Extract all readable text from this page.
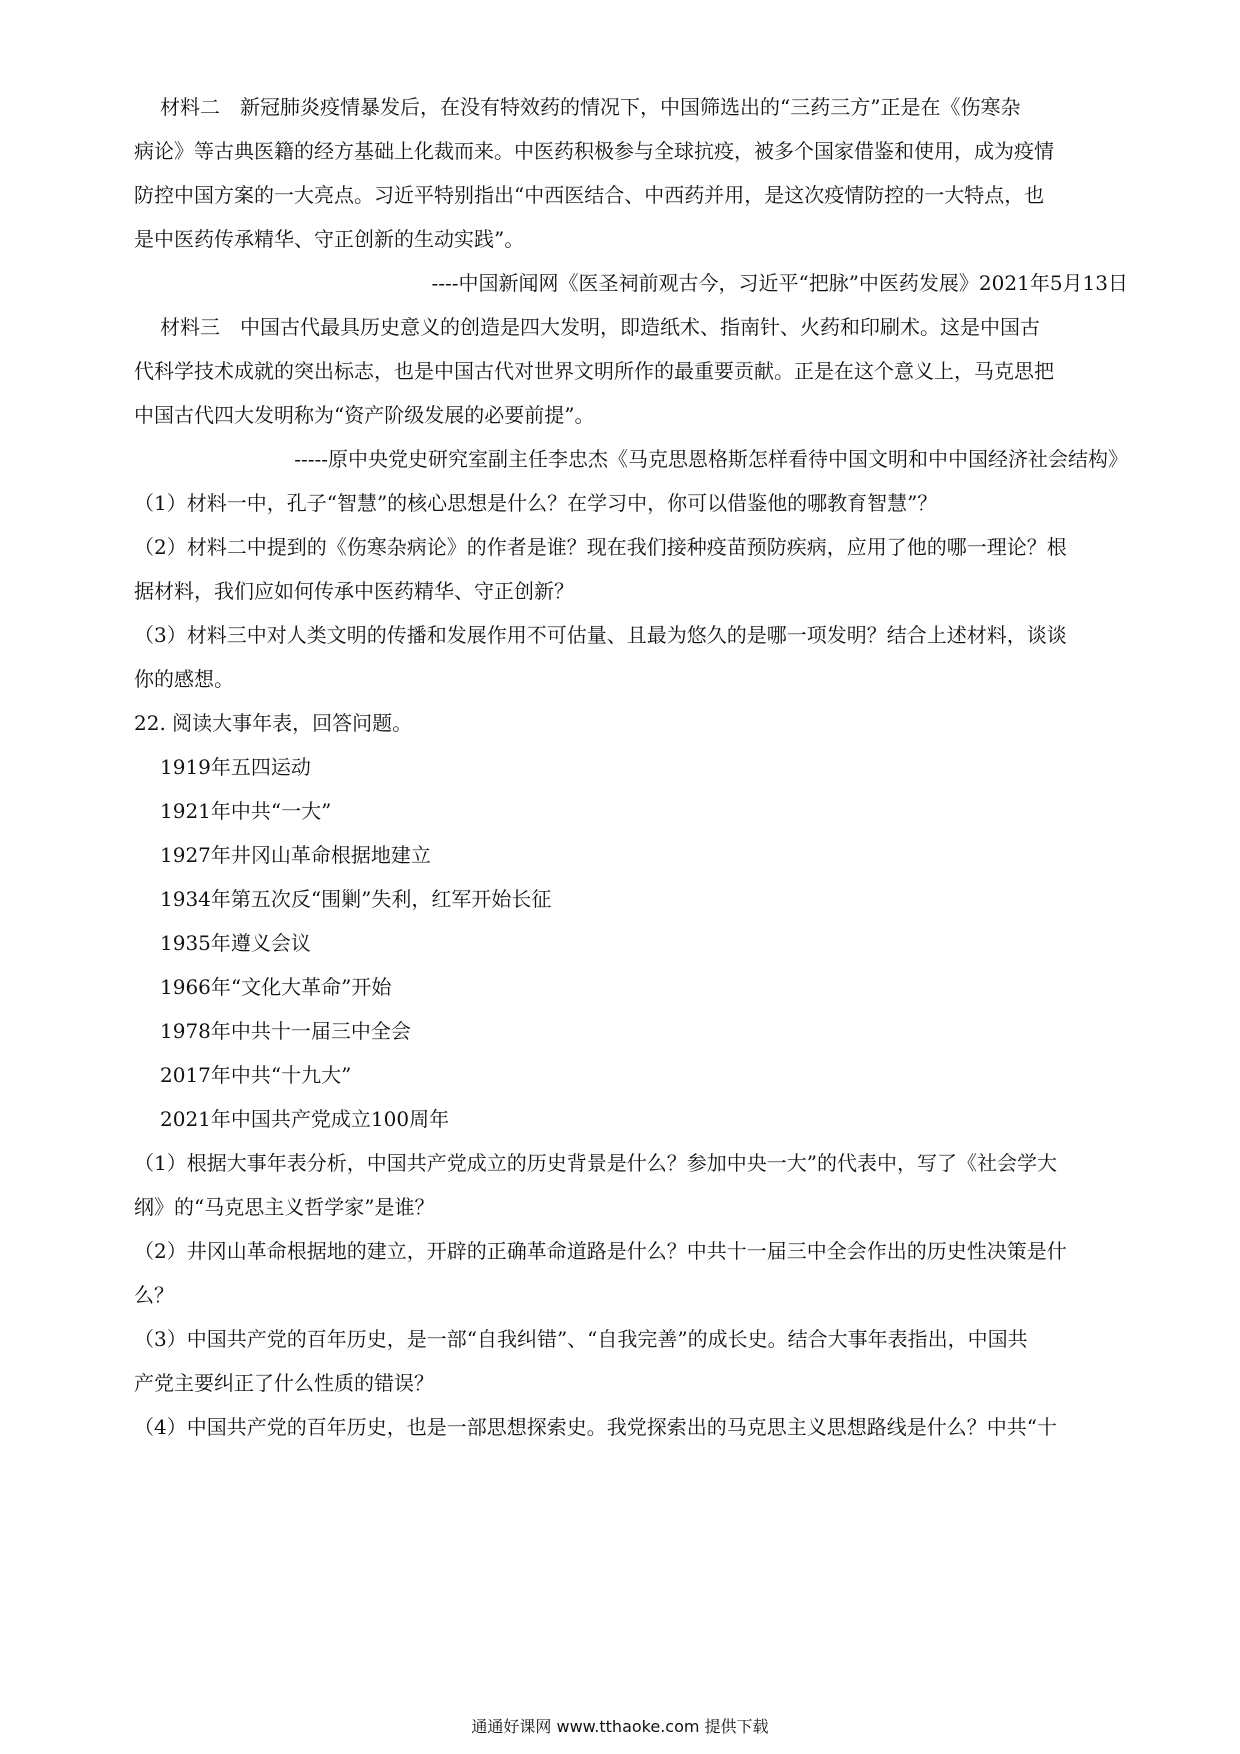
材料二　新冠肺炎疫情暴发后，在没有特效药的情况下，中国筛选出的“三药三方”正是在《伤寒杂
病论》等古典医籍的经方基础上化裁而来。中医药积极参与全球抗疫，被多个国家借鉴和使用，成为疫情
防控中国方案的一大亮点。习近平特别指出“中西医结合、中西药并用，是这次疫情防控的一大特点，也
是中医药传承精华、守正创新的生动实践”。
----中国新闻网《医圣祠前观古今，习近平“把脉”中医药发展》2021年5月13日
材料三　中国古代最具历史意义的创造是四大发明，即造纸术、指南针、火药和印刷术。这是中国古
代科学技术成就的突出标志，也是中国古代对世界文明所作的最重要贡献。正是在这个意义上，马克思把
中国古代四大发明称为“资产阶级发展的必要前提”。
-----原中央党史研究室副主任李忠杰《马克思恩格斯怎样看待中国文明和中中国经济社会结构》
（1）材料一中，孔子“智慧”的核心思想是什么？在学习中，你可以借鉴他的哪教育智慧”？
（2）材料二中提到的《伤寒杂病论》的作者是谁？现在我们接种疫苗预防疾病，应用了他的哪一理论？根
据材料，我们应如何传承中医药精华、守正创新？
（3）材料三中对人类文明的传播和发展作用不可估量、且最为悠久的是哪一项发明？结合上述材料，谈谈
你的感想。
22. 阅读大事年表，回答问题。
1919年五四运动
1921年中共“一大”
1927年井冈山革命根据地建立
1934年第五次反“围剿”失利，红军开始长征
1935年遵义会议
1966年“文化大革命”开始
1978年中共十一届三中全会
2017年中共“十九大”
2021年中国共产党成立100周年
（1）根据大事年表分析，中国共产党成立的历史背景是什么？参加中央一大”的代表中，写了《社会学大
纲》的“马克思主义哲学家”是谁？
（2）井冈山革命根据地的建立，开辟的正确革命道路是什么？中共十一届三中全会作出的历史性决策是什
么？
（3）中国共产党的百年历史，是一部“自我纠错”、“自我完善”的成长史。结合大事年表指出，中国共
产党主要纠正了什么性质的错误？
（4）中国共产党的百年历史，也是一部思想探索史。我党探索出的马克思主义思想路线是什么？中共“十
通通好课网 www.tthaoke.com 提供下载
